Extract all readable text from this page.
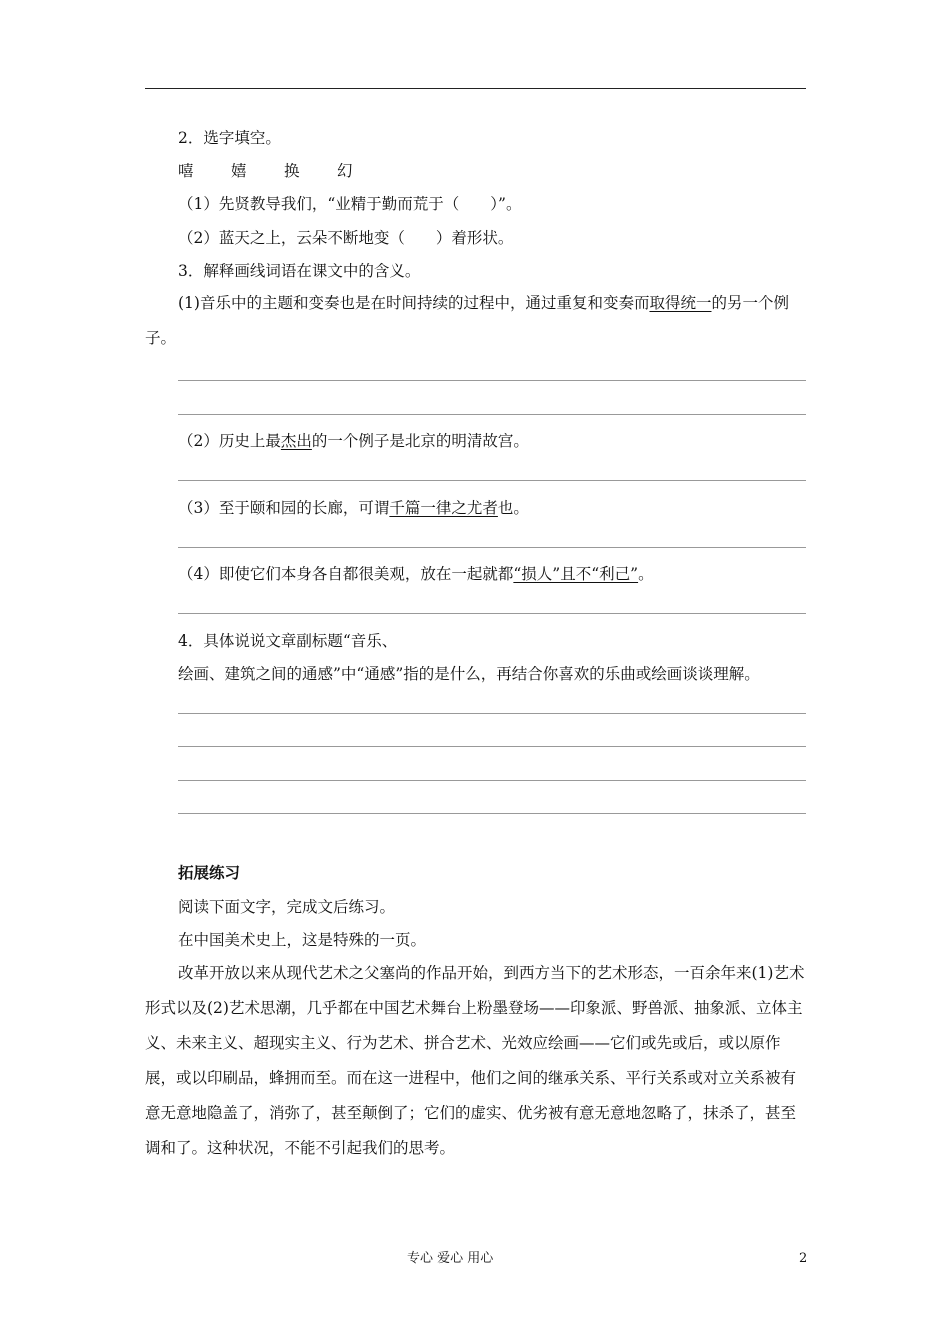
2．选字填空。
嘻 嬉 换 幻
（1）先贤教导我们，“业精于勤而荒于（　　）”。
（2）蓝天之上，云朵不断地变（　　）着形状。
3．解释画线词语在课文中的含义。
(1)音乐中的主题和变奏也是在时间持续的过程中，通过重复和变奏而取得统一的另一个例子。
（2）历史上最杰出的一个例子是北京的明清故宫。
（3）至于颐和园的长廊，可谓千篇一律之尤者也。
（4）即使它们本身各自都很美观，放在一起就都“损人”且不“利己”。
4．具体说说文章副标题“音乐、
绘画、建筑之间的通感”中“通感”指的是什么，再结合你喜欢的乐曲或绘画谈谈理解。
拓展练习
阅读下面文字，完成文后练习。
在中国美术史上，这是特殊的一页。
改革开放以来从现代艺术之父塞尚的作品开始，到西方当下的艺术形态，一百余年来(1)艺术形式以及(2)艺术思潮，几乎都在中国艺术舞台上粉墨登场——印象派、野兽派、抽象派、立体主义、未来主义、超现实主义、行为艺术、拼合艺术、光效应绘画——它们或先或后，或以原作展，或以印刷品，蜂拥而至。而在这一进程中，他们之间的继承关系、平行关系或对立关系被有意无意地隐盖了，消弥了，甚至颠倒了；它们的虚实、优劣被有意无意地忽略了，抹杀了，甚至调和了。这种状况，不能不引起我们的思考。
专心 爱心 用心	2
